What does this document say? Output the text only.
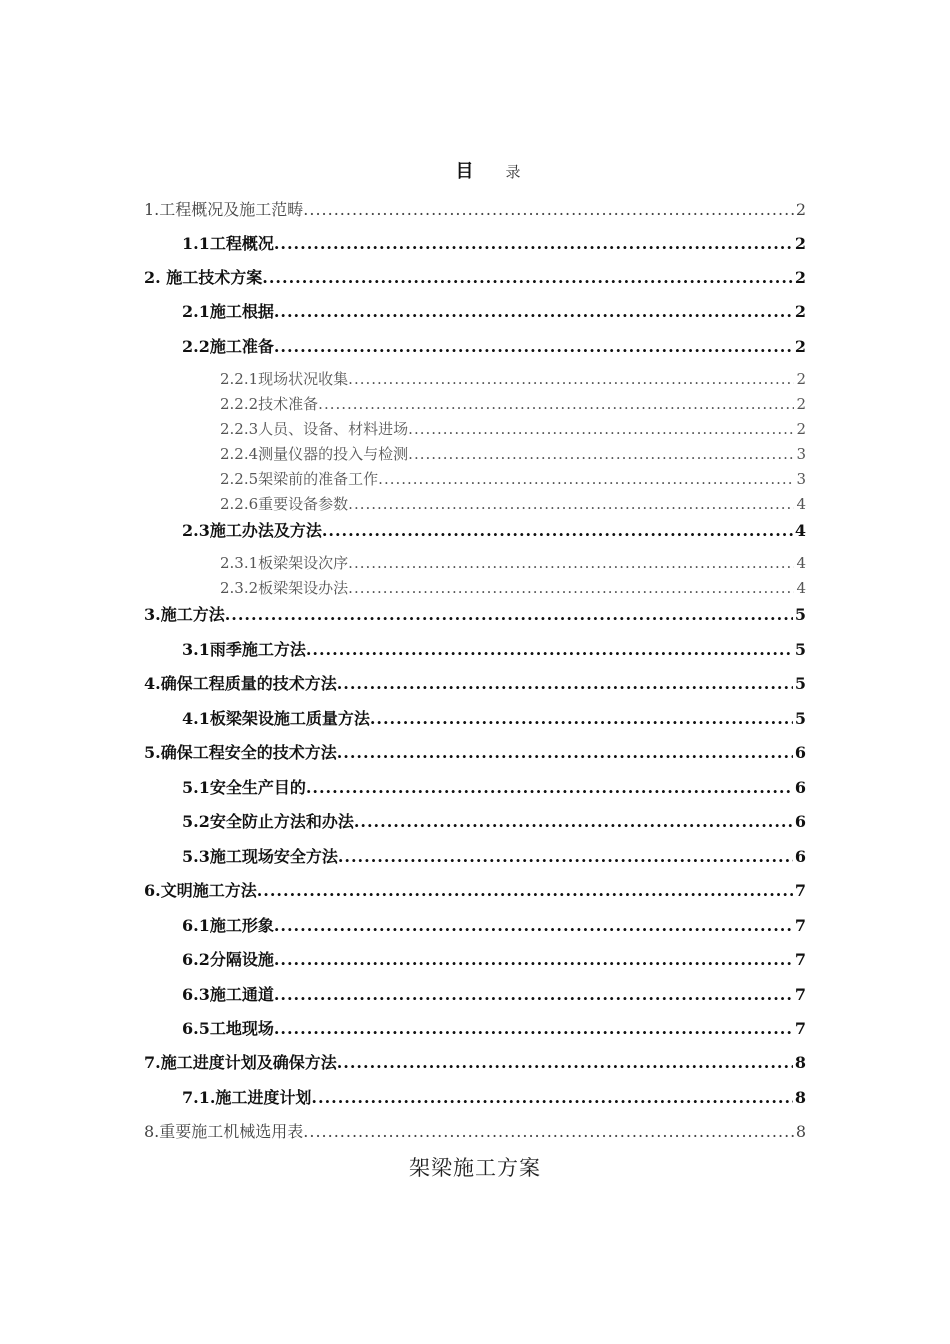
目 录
1.工程概况及施工范畴 .....	2
1.1工程概况 .....	2
2. 施工技术方案 .....	2
2.1施工根据 .....	2
2.2施工准备 .....	2
2.2.1现场状况收集 .....	2
2.2.2技术准备 .....	2
2.2.3人员、设备、材料进场 .....	2
2.2.4测量仪器的投入与检测 .....	3
2.2.5架梁前的准备工作 .....	3
2.2.6重要设备参数 .....	4
2.3施工办法及方法 .....	4
2.3.1板梁架设次序 .....	4
2.3.2板梁架设办法 .....	4
3.施工方法 .....	5
3.1雨季施工方法 .....	5
4.确保工程质量的技术方法 .....	5
4.1板梁架设施工质量方法 .....	5
5.确保工程安全的技术方法 .....	6
5.1安全生产目的 .....	6
5.2安全防止方法和办法 .....	6
5.3施工现场安全方法 .....	6
6.文明施工方法 .....	7
6.1施工形象 .....	7
6.2分隔设施 .....	7
6.3施工通道 .....	7
6.5工地现场 .....	7
7.施工进度计划及确保方法 .....	8
7.1.施工进度计划 .....	8
8.重要施工机械选用表 .....	8
架梁施工方案
